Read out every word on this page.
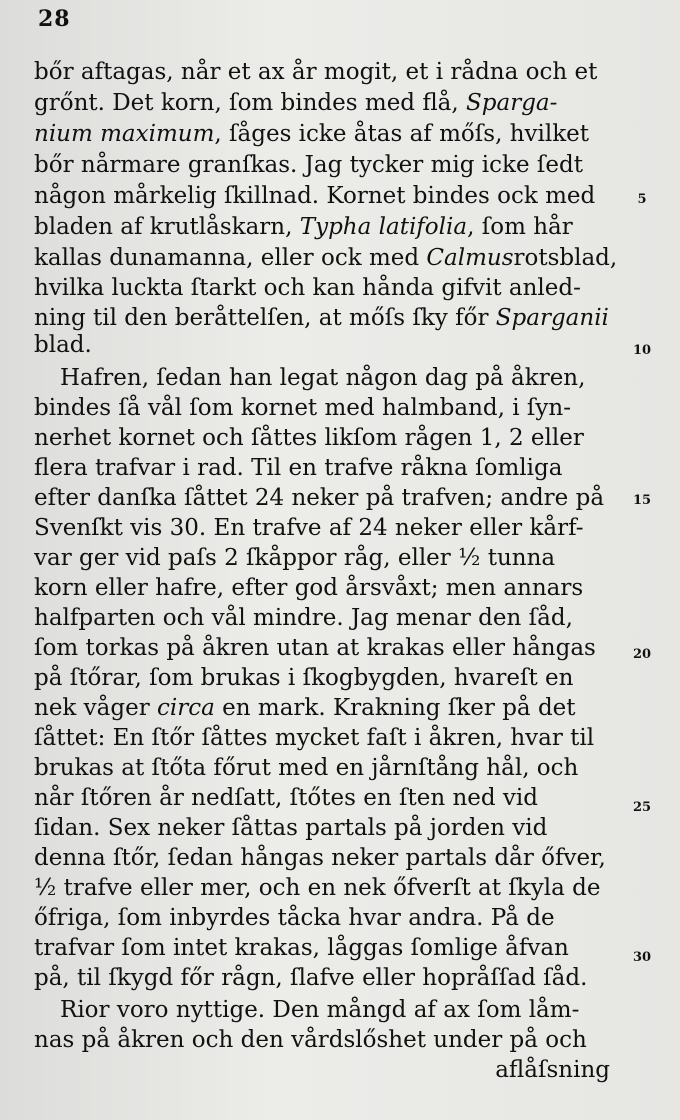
28
bőr aftagas, når et ax år mogit, et i rådna och et
grőnt. Det korn, ſom bindes med flå, Sparga-
nium maximum, ſåges icke åtas af mőſs, hvilket
bőr nårmare granſkas. Jag tycker mig icke ſedt
någon mårkelig ſkillnad. Kornet bindes ock med
bladen af krutlåskarn, Typha latifolia, ſom hår
kallas dunamanna, eller ock med Calmusrotsblad,
hvilka luckta ſtarkt och kan hånda gifvit anled-
ning til den beråttelſen, at mőſs ſky főr Sparganii
blad.
Hafren, ſedan han legat någon dag på åkren,
bindes ſå vål ſom kornet med halmband, i ſyn-
nerhet kornet och ſåttes likſom rågen 1, 2 eller
flera trafvar i rad. Til en trafve råkna ſomliga
efter danſka ſåttet 24 neker på trafven; andre på
Svenſkt vis 30. En trafve af 24 neker eller kårf-
var ger vid paſs 2 ſkåppor råg, eller ½ tunna
korn eller hafre, efter god årsvåxt; men annars
halfparten och vål mindre. Jag menar den ſåd,
ſom torkas på åkren utan at krakas eller hångas
på ſtőrar, ſom brukas i ſkogbygden, hvareſt en
nek våger circa en mark. Krakning ſker på det
ſåttet: En ſtőr ſåttes mycket faſt i åkren, hvar til
brukas at ſtőta főrut med en jårnſtång hål, och
når ſtőren år nedſatt, ſtőtes en ſten ned vid
ſidan. Sex neker ſåttas partals på jorden vid
denna ſtőr, ſedan hångas neker partals dår őfver,
½ trafve eller mer, och en nek őfverſt at ſkyla de
őfriga, ſom inbyrdes tåcka hvar andra. På de
trafvar ſom intet krakas, låggas ſomlige åfvan
på, til ſkygd főr rågn, ſlafve eller hopråſſad ſåd.
Rior voro nyttige. Den mångd af ax ſom låm-
nas på åkren och den vårdslőshet under på och
aflåſsning
5
10
15
20
25
30
